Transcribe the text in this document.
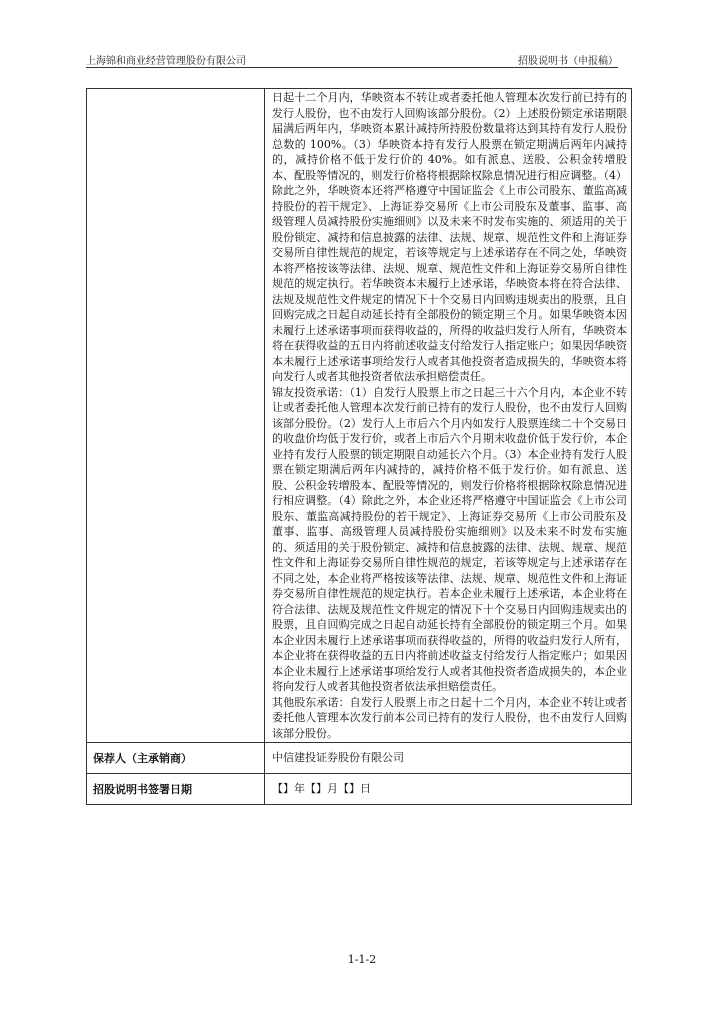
上海锦和商业经营管理股份有限公司	招股说明书（申报稿）

	日起十二个月内，华映资本不转让或者委托他人管理本次发行前已持有的发行人股份，也不由发行人回购该部分股份。（2）上述股份锁定承诺期限届满后两年内，华映资本累计减持所持股份数量将达到其持有发行人股份总数的 100%。（3）华映资本持有发行人股票在锁定期满后两年内减持的，减持价格不低于发行价的 40%。如有派息、送股、公积金转增股本、配股等情况的，则发行价格将根据除权除息情况进行相应调整。（4）除此之外，华映资本还将严格遵守中国证监会《上市公司股东、董监高减持股份的若干规定》、上海证券交易所《上市公司股东及董事、监事、高级管理人员减持股份实施细则》以及未来不时发布实施的、须适用的关于股份锁定、减持和信息披露的法律、法规、规章、规范性文件和上海证券交易所自律性规范的规定，若该等规定与上述承诺存在不同之处，华映资本将严格按该等法律、法规、规章、规范性文件和上海证券交易所自律性规范的规定执行。若华映资本未履行上述承诺，华映资本将在符合法律、法规及规范性文件规定的情况下十个交易日内回购违规卖出的股票，且自回购完成之日起自动延长持有全部股份的锁定期三个月。如果华映资本因未履行上述承诺事项而获得收益的，所得的收益归发行人所有，华映资本将在获得收益的五日内将前述收益支付给发行人指定账户；如果因华映资本未履行上述承诺事项给发行人或者其他投资者造成损失的，华映资本将向发行人或者其他投资者依法承担赔偿责任。

锦友投资承诺：（1）自发行人股票上市之日起三十六个月内，本企业不转让或者委托他人管理本次发行前已持有的发行人股份，也不由发行人回购该部分股份。（2）发行人上市后六个月内如发行人股票连续二十个交易日的收盘价均低于发行价，或者上市后六个月期末收盘价低于发行价，本企业持有发行人股票的锁定期限自动延长六个月。（3）本企业持有发行人股票在锁定期满后两年内减持的，减持价格不低于发行价。如有派息、送股、公积金转增股本、配股等情况的，则发行价格将根据除权除息情况进行相应调整。（4）除此之外，本企业还将严格遵守中国证监会《上市公司股东、董监高减持股份的若干规定》、上海证券交易所《上市公司股东及董事、监事、高级管理人员减持股份实施细则》以及未来不时发布实施的、须适用的关于股份锁定、减持和信息披露的法律、法规、规章、规范性文件和上海证券交易所自律性规范的规定，若该等规定与上述承诺存在不同之处，本企业将严格按该等法律、法规、规章、规范性文件和上海证券交易所自律性规范的规定执行。若本企业未履行上述承诺，本企业将在符合法律、法规及规范性文件规定的情况下十个交易日内回购违规卖出的股票，且自回购完成之日起自动延长持有全部股份的锁定期三个月。如果本企业因未履行上述承诺事项而获得收益的，所得的收益归发行人所有，本企业将在获得收益的五日内将前述收益支付给发行人指定账户；如果因本企业未履行上述承诺事项给发行人或者其他投资者造成损失的，本企业将向发行人或者其他投资者依法承担赔偿责任。

其他股东承诺：自发行人股票上市之日起十二个月内，本企业不转让或者委托他人管理本次发行前本公司已持有的发行人股份，也不由发行人回购该部分股份。

保荐人（主承销商）	中信建投证券股份有限公司
招股说明书签署日期	【】年【】月【】日
1-1-2
